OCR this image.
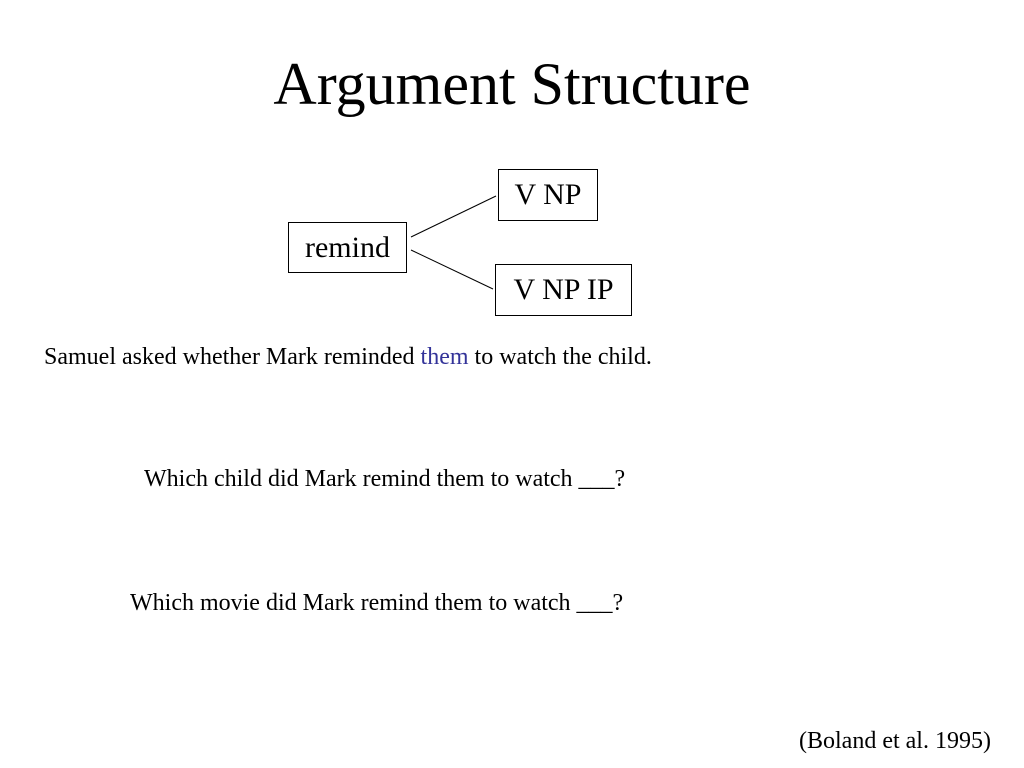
Argument Structure
remind
V NP
V NP IP
Samuel asked whether Mark reminded them to watch the child.
Which child did Mark remind them to watch ___?
Which movie did Mark remind them to watch ___?
(Boland et al. 1995)
